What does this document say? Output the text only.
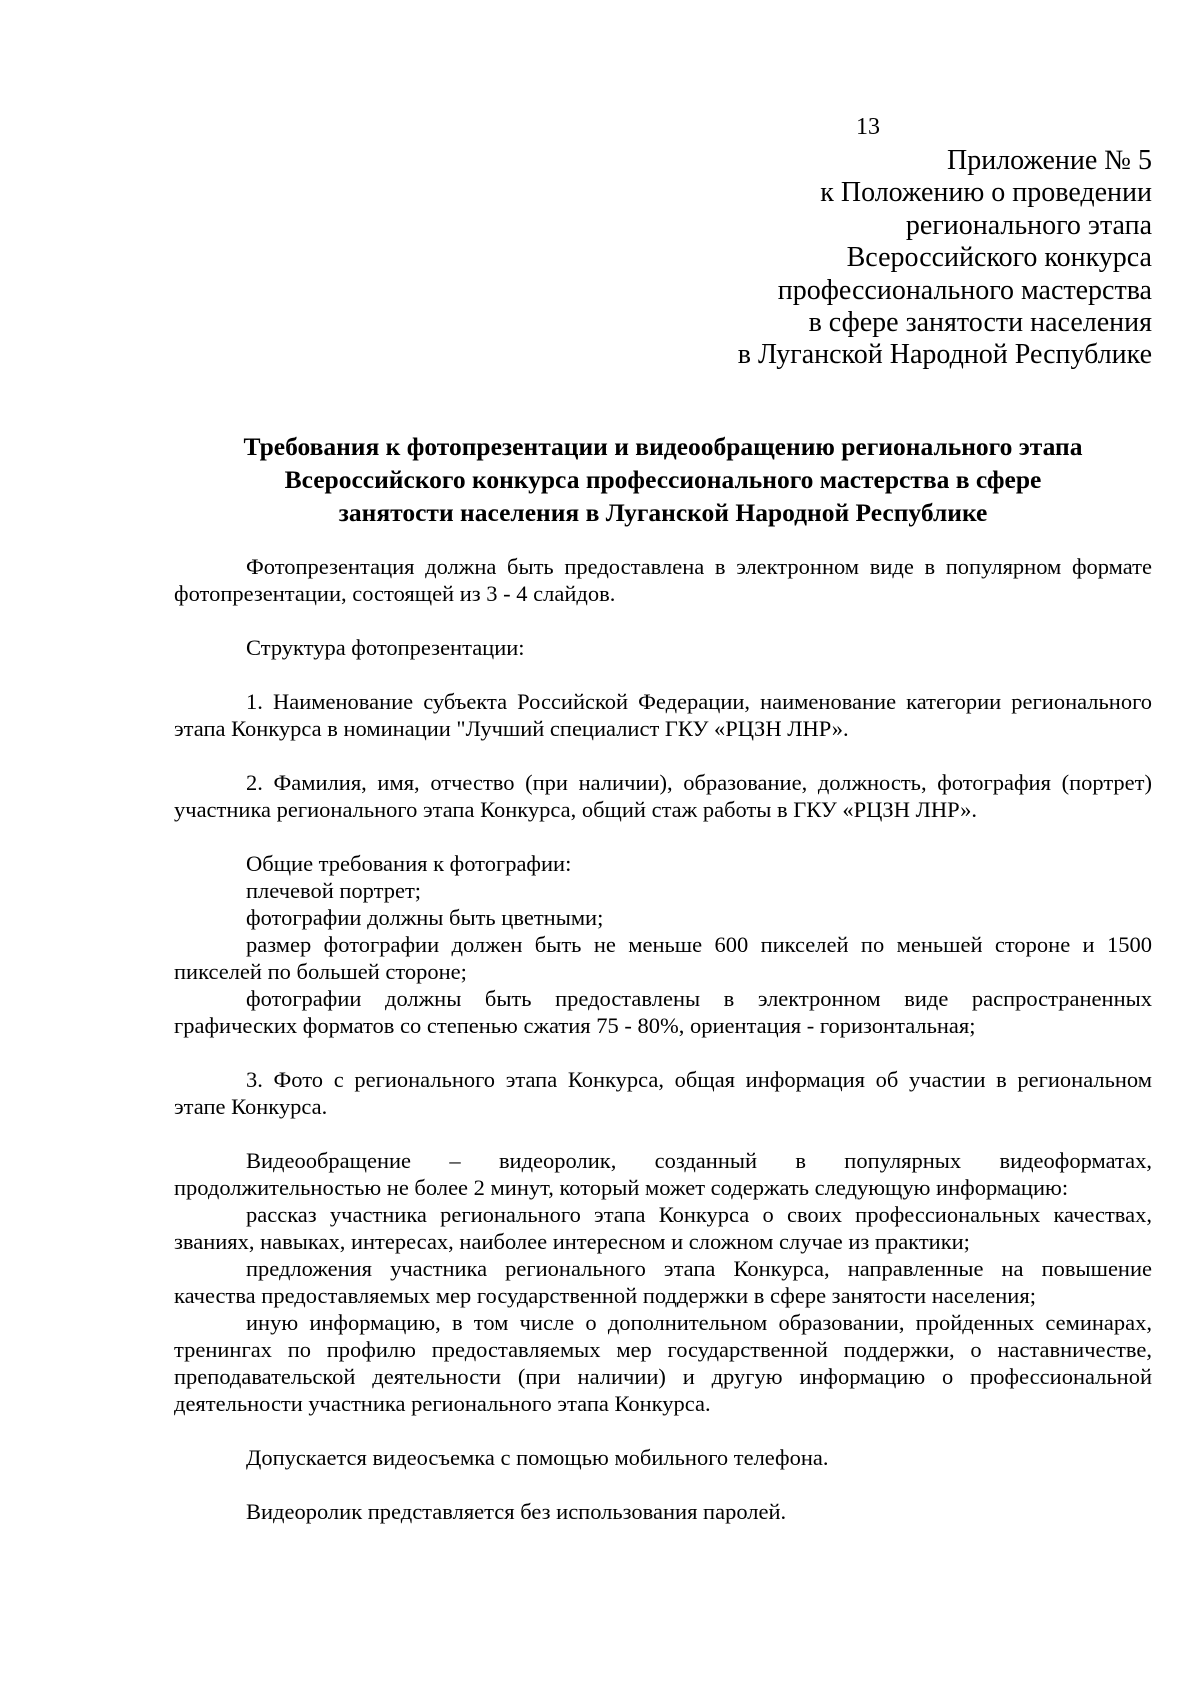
13
Приложение № 5
к Положению о проведении
регионального этапа
Всероссийского конкурса
профессионального мастерства
в сфере занятости населения
в Луганской Народной Республике
Требования к фотопрезентации и видеообращению регионального этапа
Всероссийского конкурса профессионального мастерства в сфере
занятости населения в Луганской Народной Республике

Фотопрезентация должна быть предоставлена в электронном виде в популярном формате фотопрезентации, состоящей из 3 - 4 слайдов.

Структура фотопрезентации:

1. Наименование субъекта Российской Федерации, наименование категории регионального этапа Конкурса в номинации "Лучший специалист ГКУ «РЦЗН ЛНР».

2. Фамилия, имя, отчество (при наличии), образование, должность, фотография (портрет) участника регионального этапа Конкурса, общий стаж работы в ГКУ «РЦЗН ЛНР».

Общие требования к фотографии:

плечевой портрет;

фотографии должны быть цветными;

размер фотографии должен быть не меньше 600 пикселей по меньшей стороне и 1500 пикселей по большей стороне;

фотографии должны быть предоставлены в электронном виде распространенных графических форматов со степенью сжатия 75 - 80%, ориентация - горизонтальная;

3. Фото с регионального этапа Конкурса, общая информация об участии в региональном этапе Конкурса.

Видеообращение – видеоролик, созданный в популярных видеоформатах, продолжительностью не более 2 минут, который может содержать следующую информацию:

рассказ участника регионального этапа Конкурса о своих профессиональных качествах, званиях, навыках, интересах, наиболее интересном и сложном случае из практики;

предложения участника регионального этапа Конкурса, направленные на повышение качества предоставляемых мер государственной поддержки в сфере занятости населения;

иную информацию, в том числе о дополнительном образовании, пройденных семинарах, тренингах по профилю предоставляемых мер государственной поддержки, о наставничестве, преподавательской деятельности (при наличии) и другую информацию о профессиональной деятельности участника регионального этапа Конкурса.

Допускается видеосъемка с помощью мобильного телефона.

Видеоролик представляется без использования паролей.
